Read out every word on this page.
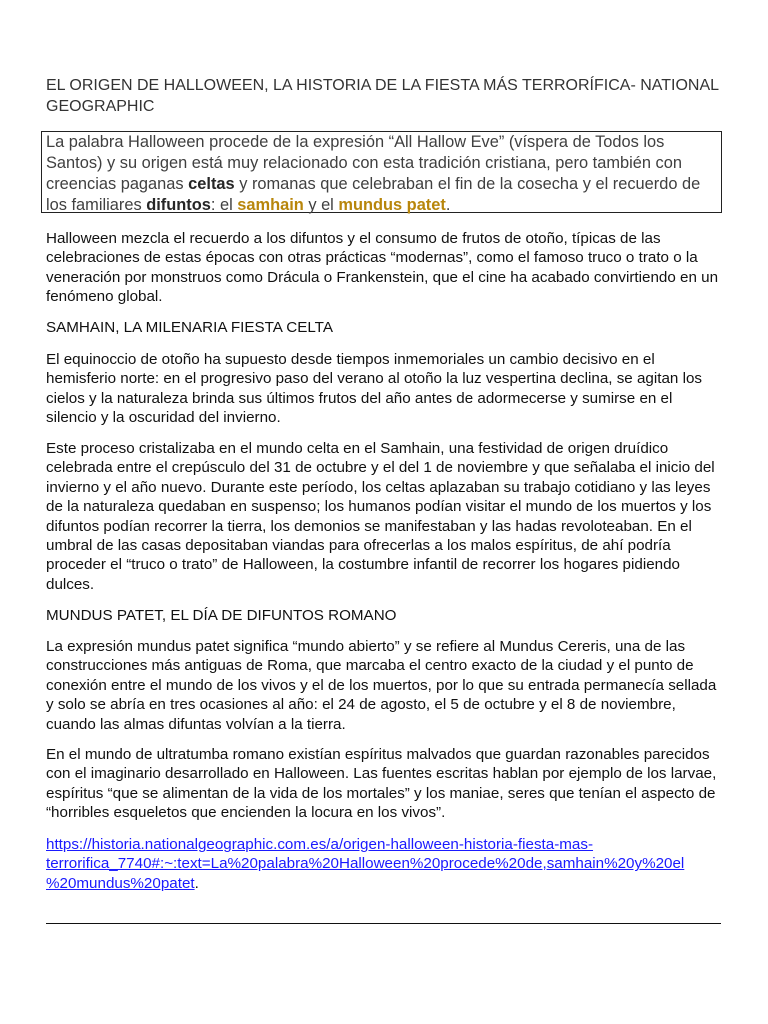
EL ORIGEN DE HALLOWEEN, LA HISTORIA DE LA FIESTA MÁS TERRORÍFICA- NATIONAL GEOGRAPHIC

La palabra Halloween procede de la expresión “All Hallow Eve” (víspera de Todos los Santos) y su origen está muy relacionado con esta tradición cristiana, pero también con creencias paganas celtas y romanas que celebraban el fin de la cosecha y el recuerdo de los familiares difuntos: el samhain y el mundus patet.

Halloween mezcla el recuerdo a los difuntos y el consumo de frutos de otoño, típicas de las celebraciones de estas épocas con otras prácticas “modernas”, como el famoso truco o trato o la veneración por monstruos como Drácula o Frankenstein, que el cine ha acabado convirtiendo en un fenómeno global.

SAMHAIN, LA MILENARIA FIESTA CELTA

El equinoccio de otoño ha supuesto desde tiempos inmemoriales un cambio decisivo en el hemisferio norte: en el progresivo paso del verano al otoño la luz vespertina declina, se agitan los cielos y la naturaleza brinda sus últimos frutos del año antes de adormecerse y sumirse en el silencio y la oscuridad del invierno.

Este proceso cristalizaba en el mundo celta en el Samhain, una festividad de origen druídico celebrada entre el crepúsculo del 31 de octubre y el del 1 de noviembre y que señalaba el inicio del invierno y el año nuevo. Durante este período, los celtas aplazaban su trabajo cotidiano y las leyes de la naturaleza quedaban en suspenso; los humanos podían visitar el mundo de los muertos y los difuntos podían recorrer la tierra, los demonios se manifestaban y las hadas revoloteaban. En el umbral de las casas depositaban viandas para ofrecerlas a los malos espíritus, de ahí podría proceder el “truco o trato” de Halloween, la costumbre infantil de recorrer los hogares pidiendo dulces.

MUNDUS PATET, EL DÍA DE DIFUNTOS ROMANO

La expresión mundus patet significa “mundo abierto” y se refiere al Mundus Cereris, una de las construcciones más antiguas de Roma, que marcaba el centro exacto de la ciudad y el punto de conexión entre el mundo de los vivos y el de los muertos, por lo que su entrada permanecía sellada y solo se abría en tres ocasiones al año: el 24 de agosto, el 5 de octubre y el 8 de noviembre, cuando las almas difuntas volvían a la tierra.

En el mundo de ultratumba romano existían espíritus malvados que guardan razonables parecidos con el imaginario desarrollado en Halloween. Las fuentes escritas hablan por ejemplo de los larvae, espíritus “que se alimentan de la vida de los mortales” y los maniae, seres que tenían el aspecto de “horribles esqueletos que encienden la locura en los vivos”.

https://historia.nationalgeographic.com.es/a/origen-halloween-historia-fiesta-mas-
terrorifica_7740#:~:text=La%20palabra%20Halloween%20procede%20de,samhain%20y%20el
%20mundus%20patet.
